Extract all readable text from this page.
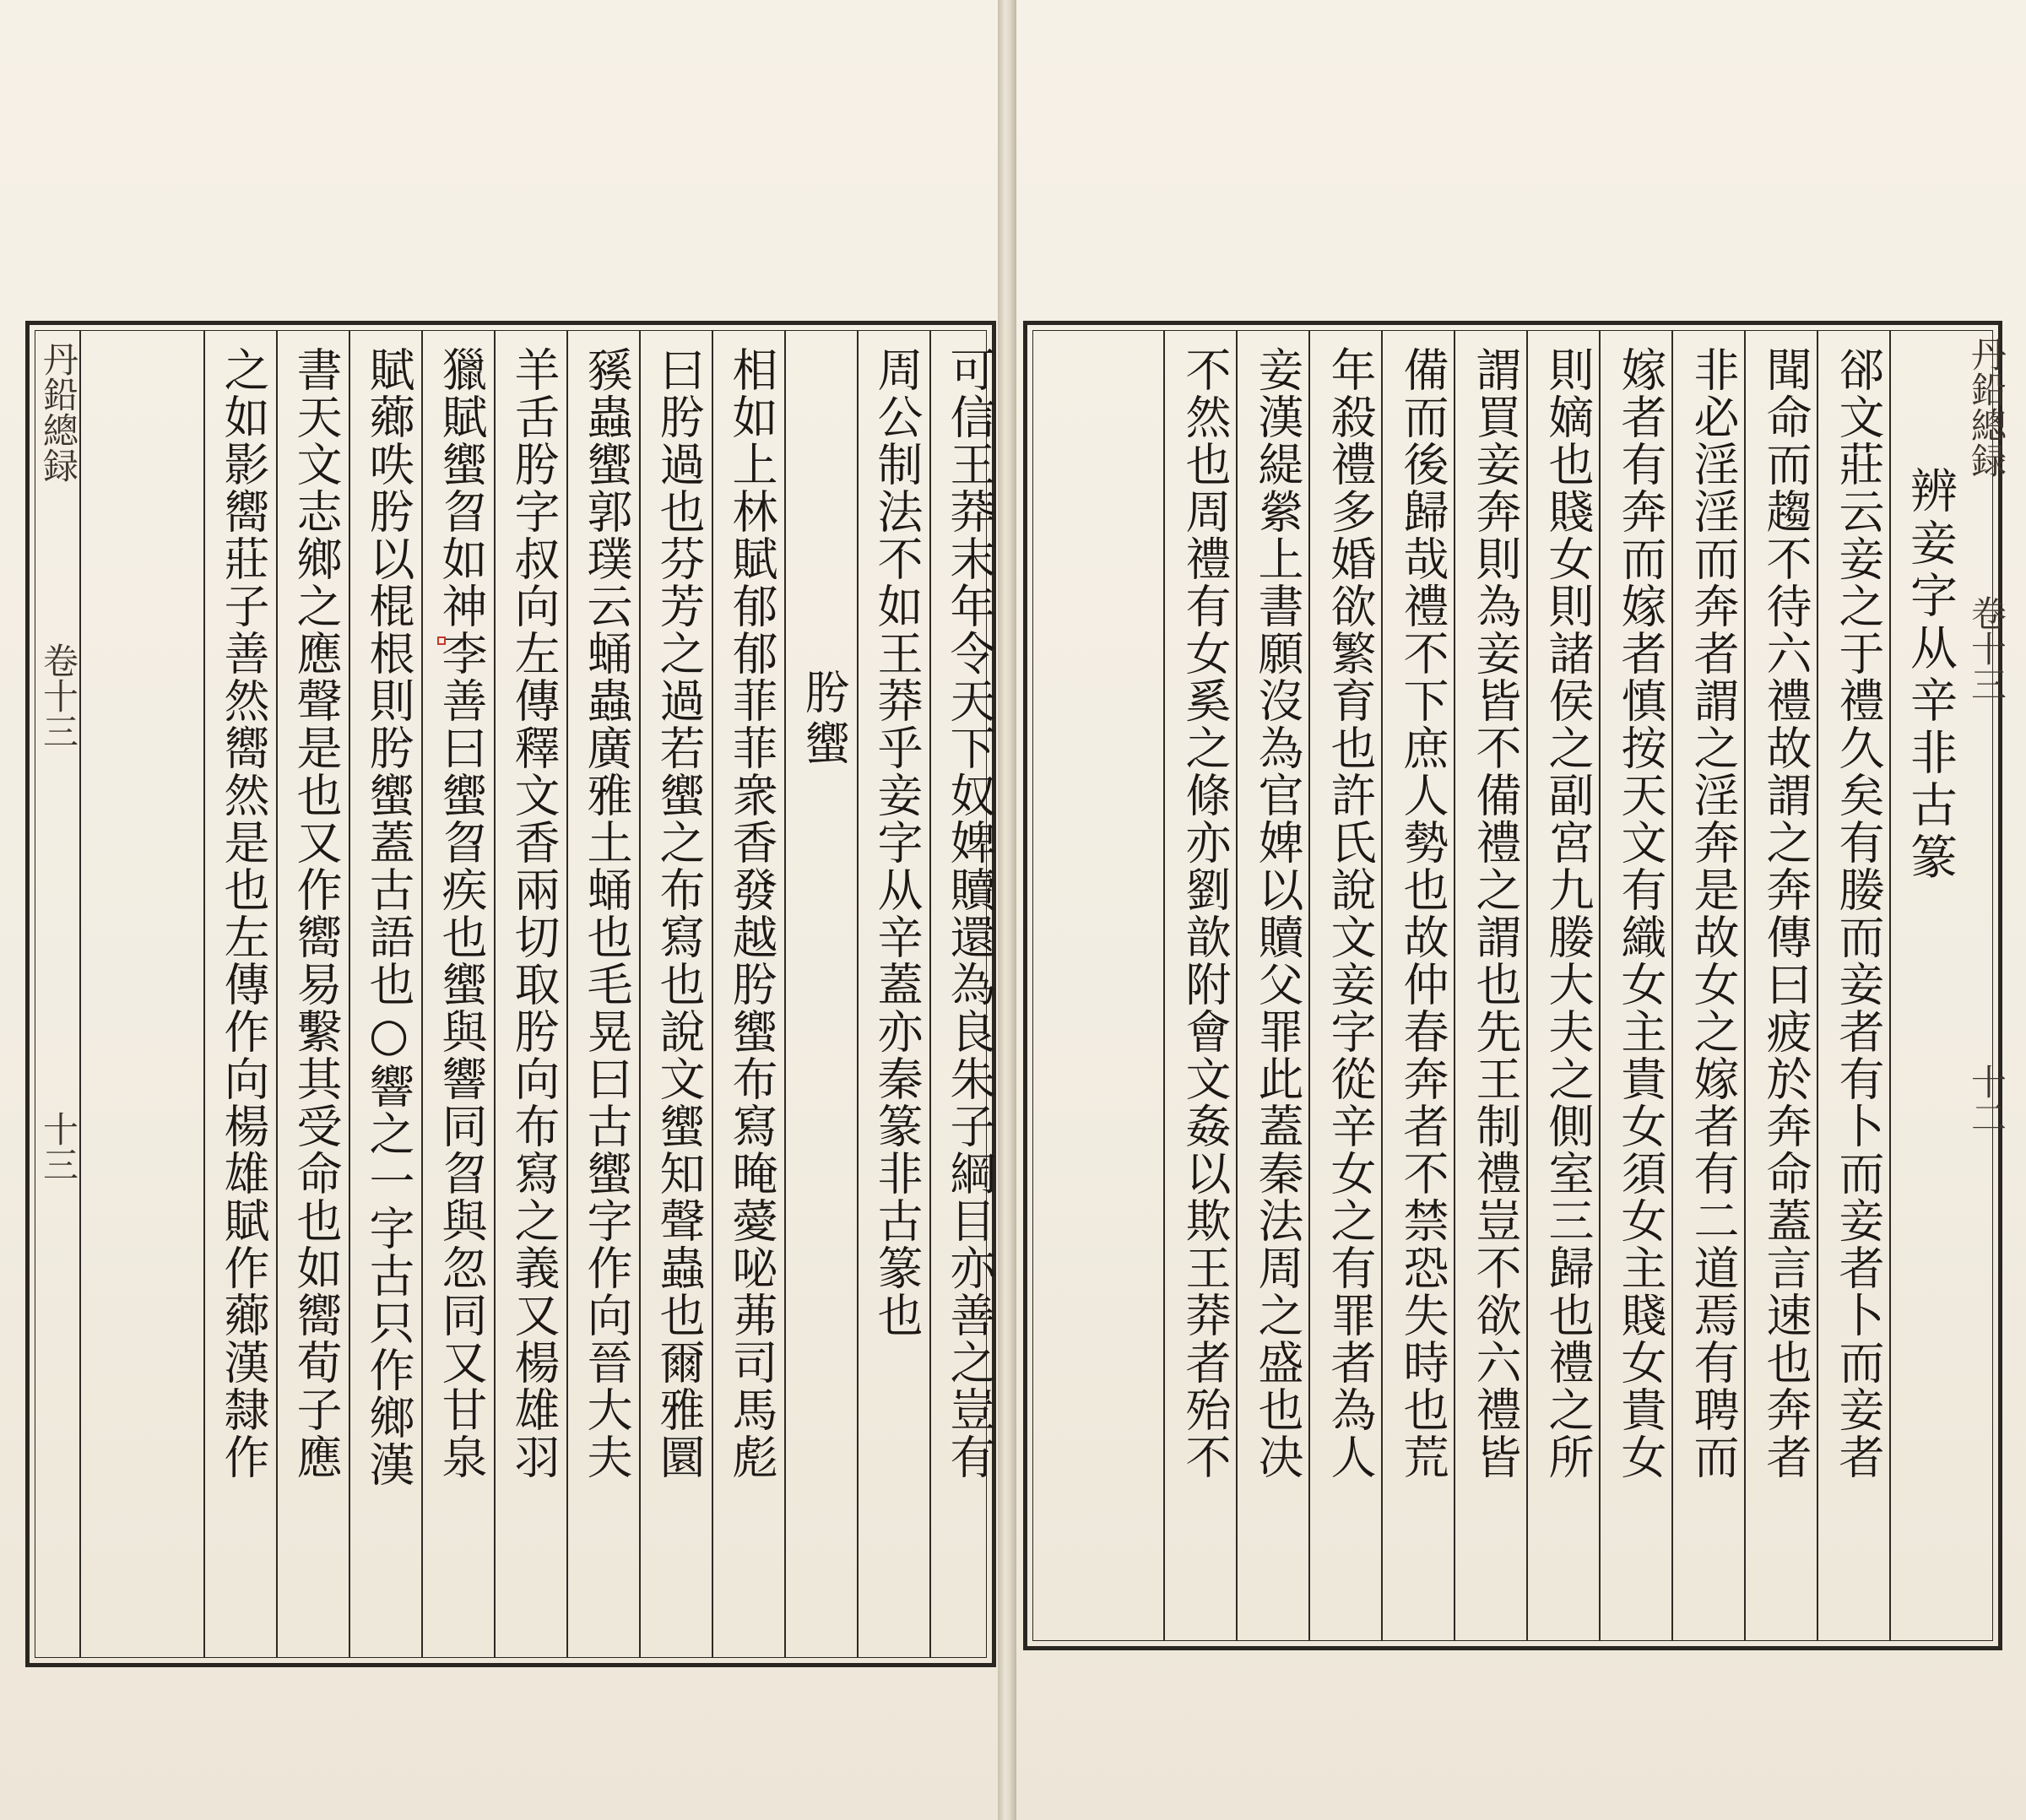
丹鉛總録 卷十三 十三	可信王莽末年令天下奴婢贖還為良朱子綱目亦善之豈有
周公制法不如王莽乎妾字从辛蓋亦秦篆非古篆也
肹蠁
相如上林賦郁郁菲菲衆香發越肹蠁布寫晻薆咇茀司馬彪
曰肹過也芬芳之過若蠁之布寫也說文蠁知聲蟲也爾雅圜
豯蟲蠁郭璞云蛹蟲廣雅土蛹也毛晃曰古蠁字作向晉大夫
羊舌肹字叔向左傳釋文香兩切取肹向布寫之義又楊雄羽
獵賦蠁曶如神李善曰蠁曶疾也蠁與響同曶與忽同又甘泉
賦薌呹肹以棍根則肹蠁蓋古語也○響之一字古只作鄉漢
書天文志鄉之應聲是也又作嚮易繫其受命也如嚮荀子應
之如影嚮莊子善然嚮然是也左傳作向楊雄賦作薌漢隸作	辨妾字从辛非古篆
郤文莊云妾之于禮久矣有媵而妾者有卜而妾者卜而妾者
聞命而趨不待六禮故謂之奔傳曰疲於奔命蓋言速也奔者
非必淫淫而奔者謂之淫奔是故女之嫁者有二道焉有聘而
嫁者有奔而嫁者慎按天文有織女主貴女須女主賤女貴女
則嫡也賤女則諸侯之副宮九媵大夫之側室三歸也禮之所
謂買妾奔則為妾皆不備禮之謂也先王制禮豈不欲六禮皆
備而後歸哉禮不下庶人勢也故仲春奔者不禁恐失時也荒
年殺禮多婚欲繁育也許氏說文妾字從辛女之有罪者為人
妾漢緹縈上書願沒為官婢以贖父罪此蓋秦法周之盛也决
不然也周禮有女奚之條亦劉歆附會文姦以欺王莽者殆不	丹鉛總録 卷十三 十二
